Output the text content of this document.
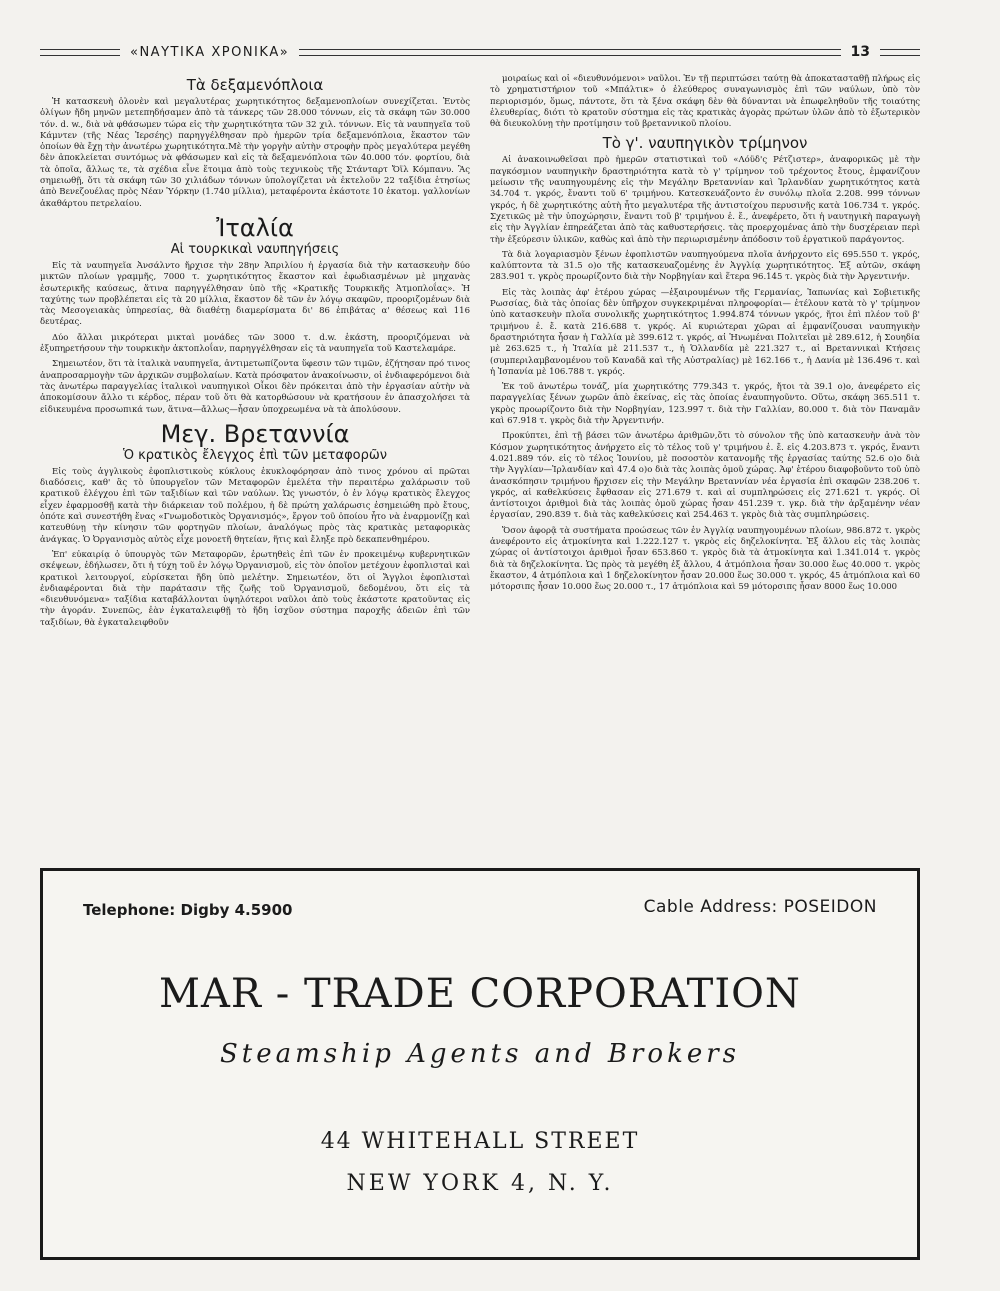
«ΝΑΥΤΙΚΑ ΧΡΟΝΙΚΑ»	13
Τὰ δεξαμενόπλοια

Ἡ κατασκευὴ ὁλονὲν καὶ μεγαλυτέρας χωρητικότητος δεξαμενοπλοίων συνεχίζεται. Ἐντὸς ὀλίγων ἤδη μηνῶν μετεπηδήσαμεν ἀπὸ τὰ τάνκερς τῶν 28.000 τόννων, εἰς τὰ σκάφη τῶν 30.000 τόν. d. w., διὰ νὰ φθάσωμεν τώρα εἰς τὴν χωρητικότητα τῶν 32 χιλ. τόννων. Εἰς τὰ ναυπηγεῖα τοῦ Κάμντεν (τῆς Νέας Ἰερσέης) παρηγγέλθησαν πρὸ ἡμερῶν τρία δεξαμενόπλοια, ἕκαστον τῶν ὁποίων θὰ ἔχῃ τὴν ἀνωτέρω χωρητικότητα.Μὲ τὴν γοργὴν αὐτὴν στροφὴν πρὸς μεγαλύτερα μεγέθη δὲν ἀποκλείεται συντόμως νὰ φθάσωμεν καὶ εἰς τὰ δεξαμενόπλοια τῶν 40.000 τόν. φορτίου, διὰ τὰ ὁποῖα, ἄλλως τε, τὰ σχέδια εἶνε ἕτοιμα ἀπὸ τοὺς τεχνικοὺς τῆς Στάνταρτ Ὄϊλ Κόμπανυ. Ἂς σημειωθῇ, ὅτι τὰ σκάφη τῶν 30 χιλιάδων τόννων ὑπολογίζεται νὰ ἐκτελοῦν 22 ταξίδια ἐτησίως ἀπὸ Βενεζουέλας πρὸς Νέαν Ὑόρκην (1.740 μίλλια), μεταφέροντα ἑκάστοτε 10 ἑκατομ. γαλλονίων ἀκαθάρτου πετρελαίου.

Ἰταλία
Αἱ τουρκικαὶ ναυπηγήσεις

Εἰς τὰ ναυπηγεῖα Ἀνσάλντο ἤρχισε τὴν 28ην Ἀπριλίου ἡ ἐργασία διὰ τὴν κατασκευὴν δύο μικτῶν πλοίων γραμμῆς, 7000 τ. χωρητικότητος ἕκαστον καὶ ἐφωδιασμένων μὲ μηχανὰς ἐσωτερικῆς καύσεως, ἅτινα παρηγγέλθησαν ὑπὸ τῆς «Κρατικῆς Τουρκικῆς Ἀτμοπλοΐας». Ἡ ταχύτης των προβλέπεται εἰς τὰ 20 μίλλια, ἕκαστον δὲ τῶν ἐν λόγῳ σκαφῶν, προοριζομένων διὰ τὰς Μεσογειακὰς ὑπηρεσίας, θὰ διαθέτῃ διαμερίσματα δι' 86 ἐπιβάτας α' θέσεως καὶ 116 δευτέρας.

Δύο ἄλλαι μικρότεραι μικταὶ μονάδες τῶν 3000 τ. d.w. ἑκάστη, προοριζόμεναι νὰ ἐξυπηρετήσουν τὴν τουρκικὴν ἀκτοπλοΐαν, παρηγγέλθησαν εἰς τὰ ναυπηγεῖα τοῦ Καστελαμάρε.

Σημειωτέον, ὅτι τὰ ἰταλικὰ ναυπηγεῖα, ἀντιμετωπίζοντα ὕφεσιν τῶν τιμῶν, ἐζήτησαν πρό τινος ἀναπροσαρμογὴν τῶν ἀρχικῶν συμβολαίων. Κατὰ πρόσφατον ἀνακοίνωσιν, οἱ ἐνδιαφερόμενοι διὰ τὰς ἀνωτέρω παραγγελίας ἰταλικοὶ ναυπηγικοὶ Οἶκοι δὲν πρόκειται ἀπὸ τὴν ἐργασίαν αὐτὴν νὰ ἀποκομίσουν ἄλλο τι κέρδος, πέραν τοῦ ὅτι θὰ κατορθώσουν νὰ κρατήσουν ἐν ἀπασχολήσει τὰ εἰδικευμένα προσωπικά των, ἅτινα—ἄλλως—ἦσαν ὑποχρεωμένα νὰ τὰ ἀπολύσουν.

Μεγ. Βρεταννία
Ὁ κρατικὸς ἔλεγχος ἐπὶ τῶν μεταφορῶν

Εἰς τοὺς ἀγγλικοὺς ἐφοπλιστικοὺς κύκλους ἐκυκλοφόρησαν ἀπὸ τινος χρόνου αἱ πρῶται διαδόσεις, καθ' ἃς τὸ ὑπουργεῖον τῶν Μεταφορῶν ἐμελέτα τὴν περαιτέρω χαλάρωσιν τοῦ κρατικοῦ ἐλέγχου ἐπὶ τῶν ταξιδίων καὶ τῶν ναύλων. Ὡς γνωστόν, ὁ ἐν λόγῳ κρατικὸς ἔλεγχος εἶχεν ἐφαρμοσθῇ κατὰ τὴν διάρκειαν τοῦ πολέμου, ἡ δὲ πρώτη χαλάρωσις ἐσημειώθη πρὸ ἔτους, ὁπότε καὶ συνεστήθη ἕνας «Γνωμοδοτικὸς Ὀργανισμός», ἔργον τοῦ ὁποίου ἦτο νὰ ἐναρμονίζῃ καὶ κατευθύνῃ τὴν κίνησιν τῶν φορτηγῶν πλοίων, ἀναλόγως πρὸς τὰς κρατικὰς μεταφορικὰς ἀνάγκας. Ὁ Ὀργανισμὸς αὐτὸς εἶχε μονοετῆ θητείαν, ἥτις καὶ ἔληξε πρὸ δεκαπενθημέρου.

Ἐπ' εὐκαιρίᾳ ὁ ὑπουργὸς τῶν Μεταφορῶν, ἐρωτηθεὶς ἐπὶ τῶν ἐν προκειμένῳ κυβερνητικῶν σκέψεων, ἐδήλωσεν, ὅτι ἡ τύχη τοῦ ἐν λόγῳ Ὀργανισμοῦ, εἰς τὸν ὁποῖον μετέχουν ἐφοπλισταὶ καὶ κρατικοὶ λειτουργοί, εὑρίσκεται ἤδη ὑπὸ μελέτην. Σημειωτέον, ὅτι οἱ Ἄγγλοι ἐφοπλισταὶ ἐνδιαφέρονται διὰ τὴν παράτασιν τῆς ζωῆς τοῦ Ὀργανισμοῦ, δεδομένου, ὅτι εἰς τὰ «διευθυνόμενα» ταξίδια καταβάλλονται ὑψηλότεροι ναῦλοι ἀπὸ τοὺς ἑκάστοτε κρατοῦντας εἰς τὴν ἀγοράν. Συνεπῶς, ἐὰν ἐγκαταλειφθῇ τὸ ἤδη ἰσχῦον σύστημα παροχῆς ἀδειῶν ἐπὶ τῶν ταξιδίων, θὰ ἐγκαταλειφθοῦν

μοιραίως καὶ οἱ «διευθυνόμενοι» ναῦλοι. Ἐν τῇ περιπτώσει ταύτῃ θὰ ἀποκατασταθῇ πλήρως εἰς τὸ χρηματιστήριον τοῦ «Μπάλτικ» ὁ ἐλεύθερος συναγωνισμὸς ἐπὶ τῶν ναύλων, ὑπὸ τὸν περιορισμόν, ὅμως, πάντοτε, ὅτι τὰ ξένα σκάφη δὲν θὰ δύνανται νὰ ἐπωφεληθοῦν τῆς τοιαύτης ἐλευθερίας, διότι τὸ κρατοῦν σύστημα εἰς τὰς κρατικὰς ἀγορὰς πρώτων ὑλῶν ἀπὸ τὸ ἐξωτερικὸν θὰ διευκολύνῃ τὴν προτίμησιν τοῦ βρεταννικοῦ πλοίου.

Τὸ γ'. ναυπηγικὸν τρίμηνον

Αἱ ἀνακοινωθεῖσαι πρὸ ἡμερῶν στατιστικαὶ τοῦ «Λόϋδ'ς Ρέτζιστερ», ἀναφορικῶς μὲ τὴν παγκόσμιον ναυπηγικὴν δραστηριότητα κατὰ τὸ γ' τρίμηνον τοῦ τρέχοντος ἔτους, ἐμφανίζουν μείωσιν τῆς ναυπηγουμένης εἰς τὴν Μεγάλην Βρεταννίαν καὶ Ἰρλανδίαν χωρητικότητος κατὰ 34.704 τ. γκρός, ἔναντι τοῦ 6' τριμήνου. Κατεσκευάζοντο ἐν συνόλῳ πλοῖα 2.208. 999 τόννων γκρός, ἡ δὲ χωρητικότης αὐτὴ ἦτο μεγαλυτέρα τῆς ἀντιστοίχου περυσινῆς κατὰ 106.734 τ. γκρός. Σχετικῶς μὲ τὴν ὑποχώρησιν, ἔναντι τοῦ β' τριμήνου ἐ. ἔ., ἀνεφέρετο, ὅτι ἡ ναυτηγικὴ παραγωγὴ εἰς τὴν Ἀγγλίαν ἐπηρεάζεται ἀπὸ τὰς καθυστερήσεις. τὰς προερχομένας ἀπὸ τὴν δυσχέρειαν περὶ τὴν ἐξεύρεσιν ὑλικῶν, καθὼς καὶ ἀπὸ τὴν περιωρισμένην ἀπόδοσιν τοῦ ἐργατικοῦ παράγοντος.

Τὰ διὰ λογαριασμὸν ξένων ἐφοπλιστῶν ναυπηγούμενα πλοῖα ἀνήρχοντο εἰς 695.550 τ. γκρός, καλύπτοντα τὰ 31.5 ο)ο τῆς κατασκευαζομένης ἐν Ἀγγλίᾳ χωρητικότητος. Ἐξ αὐτῶν, σκάφη 283.901 τ. γκρὸς προωρίζοντο διὰ τὴν Νορβηγίαν καὶ ἕτερα 96.145 τ. γκρὸς διὰ τὴν Ἀργεντινήν.

Εἰς τὰς λοιπὰς ἀφ' ἑτέρου χώρας —ἐξαιρουμένων τῆς Γερμανίας, Ἰαπωνίας καὶ Σοβιετικῆς Ρωσσίας, διὰ τὰς ὁποίας δὲν ὑπῆρχον συγκεκριμέναι πληροφορίαι— ἐτέλουν κατὰ τὸ γ' τρίμηνον ὑπὸ κατασκευὴν πλοῖα συνολικῆς χωρητικότητος 1.994.874 τόννων γκρός, ἤτοι ἐπὶ πλέον τοῦ β' τριμήνου ἐ. ἔ. κατὰ 216.688 τ. γκρός. Αἱ κυριώτεραι χῶραι αἱ ἐμφανίζουσαι ναυπηγικὴν δραστηριότητα ἦσαν ἡ Γαλλία μὲ 399.612 τ. γκρός, αἱ Ἡνωμέναι Πολιτεῖαι μὲ 289.612, ἡ Σουηδία μὲ 263.625 τ., ἡ Ἰταλία μὲ 211.537 τ., ἡ Ὁλλανδία μὲ 221.327 τ., αἱ Βρεταννικαὶ Κτήσεις (συμπεριλαμβανομένου τοῦ Καναδᾶ καὶ τῆς Αὐστραλίας) μὲ 162.166 τ., ἡ Δανία μὲ 136.496 τ. καὶ ἡ Ἰσπανία μὲ 106.788 τ. γκρός.

Ἐκ τοῦ ἀνωτέρω τονάζ, μία χωρητικότης 779.343 τ. γκρός, ἤτοι τὰ 39.1 ο)ο, ἀνεφέρετο εἰς παραγγελίας ξένων χωρῶν ἀπὸ ἐκείνας, εἰς τὰς ὁποίας ἐναυπηγοῦντο. Οὕτω, σκάφη 365.511 τ. γκρὸς προωρίζοντο διὰ τὴν Νορβηγίαν, 123.997 τ. διὰ τὴν Γαλλίαν, 80.000 τ. διὰ τὸν Παναμᾶν καὶ 67.918 τ. γκρὸς διὰ τὴν Ἀργεντινήν.

Προκύπτει, ἐπὶ τῇ βάσει τῶν ἀνωτέρω ἀριθμῶν,ὅτι τὸ σύνολον τῆς ὑπὸ κατασκευὴν ἀνὰ τὸν Κόσμον χωρητικότητος ἀνήρχετο εἰς τὸ τέλος τοῦ γ' τριμήνου ἐ. ἔ. εἰς 4.203.873 τ. γκρός, ἔναντι 4.021.889 τόν. εἰς τὸ τέλος Ἰουνίου, μὲ ποσοστὸν κατανομῆς τῆς ἐργασίας ταύτης 52.6 ο)ο διὰ τὴν Ἀγγλίαν—Ἰρλανδίαν καὶ 47.4 ο)ο διὰ τὰς λοιπὰς ὁμοῦ χώρας. Ἀφ' ἑτέρου διαφοβοῦντο τοῦ ὑπὸ ἀνασκόπησιν τριμήνου ἤρχισεν εἰς τὴν Μεγάλην Βρεταννίαν νέα ἐργασία ἐπὶ σκαφῶν 238.206 τ. γκρός, αἱ καθελκύσεις ἔφθασαν εἰς 271.679 τ. καὶ αἱ συμπληρώσεις εἰς 271.621 τ. γκρός. Οἱ ἀντίστοιχοι ἀριθμοὶ διὰ τὰς λοιπὰς ὁμοῦ χώρας ἦσαν 451.239 τ. γκρ. διὰ τὴν ἀρξαμένην νέαν ἐργασίαν, 290.839 τ. διὰ τὰς καθελκύσεις καὶ 254.463 τ. γκρὸς διὰ τὰς συμπληρώσεις.

Ὅσον ἀφορᾷ τὰ συστήματα προώσεως τῶν ἐν Ἀγγλίᾳ ναυπηγουμένων πλοίων, 986.872 τ. γκρὸς ἀνεφέροντο εἰς ἀτμοκίνητα καὶ 1.222.127 τ. γκρὸς εἰς δηζελοκίνητα. Ἐξ ἄλλου εἰς τὰς λοιπὰς χώρας οἱ ἀντίστοιχοι ἀριθμοὶ ἦσαν 653.860 τ. γκρὸς διὰ τὰ ἀτμοκίνητα καὶ 1.341.014 τ. γκρὸς διὰ τὰ δηζελοκίνητα. Ὡς πρὸς τὰ μεγέθη ἐξ ἄλλου, 4 ἀτμόπλοια ἦσαν 30.000 ἕως 40.000 τ. γκρὸς ἕκαστον, 4 ἀτμόπλοια καὶ 1 δηζελοκίνητον ἦσαν 20.000 ἕως 30.000 τ. γκρός, 45 ἀτμόπλοια καὶ 60 μότορσιπς ἦσαν 10.000 ἕως 20.000 τ., 17 ἀτμόπλοια καὶ 59 μότορσιπς ἦσαν 8000 ἕως 10.000

Telephone: Digby 4.5900	Cable Address: POSEIDON
MAR - TRADE CORPORATION
Steamship Agents and Brokers
44 WHITEHALL STREET
NEW YORK 4, N. Y.
